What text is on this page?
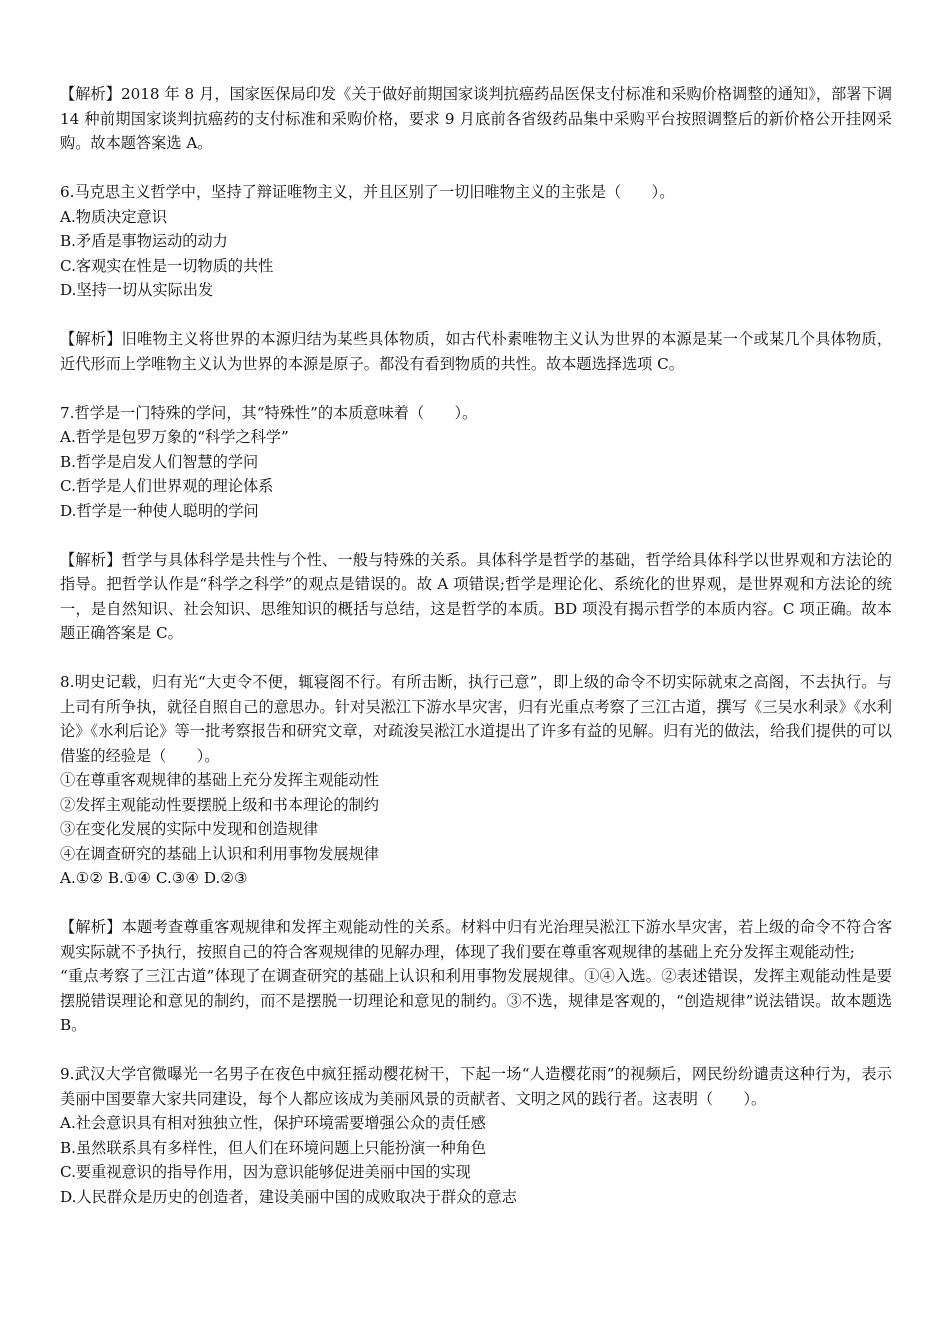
【 解析 】 2018 年 8 月，国家医保局印发《关于做好前期国家谈判抗癌药品医保支付标准和采购价格调整的通知》，部署下调 14 种前期国家谈判抗癌药的支付标准和采购价格，要求 9 月底前各省级药品集中采购平台按照调整后的新价格公开挂网采购。故本题答案选 A。

6.马克思主义哲学中，坚持了辩证唯物主义，并且区别了一切旧唯物主义的主张是（　　）。

A.物质决定意识

B.矛盾是事物运动的动力

C.客观实在性是一切物质的共性

D.坚持一切从实际出发

【 解析 】 旧唯物主义将世界的本源归结为某些具体物质，如古代朴素唯物主义认为世界的本源是某一个或某几个具体物质，近代形而上学唯物主义认为世界的本源是原子。都没有看到物质的共性。故本题选择选项 C。

7.哲学是一门特殊的学问，其“特殊性”的本质意味着（　　）。

A.哲学是包罗万象的“科学之科学”

B.哲学是启发人们智慧的学问

C.哲学是人们世界观的理论体系

D.哲学是一种使人聪明的学问

【 解析 】 哲学与具体科学是共性与个性、一般与特殊的关系。具体科学是哲学的基础，哲学给具体科学以世界观和方法论的指导。把哲学认作是“科学之科学”的观点是错误的。故 A 项错误;哲学是理论化、系统化的世界观，是世界观和方法论的统一，是自然知识、社会知识、思维知识的概括与总结，这是哲学的本质。BD 项没有揭示哲学的本质内容。C 项正确。故本题正确答案是 C。

8.明史记载，归有光“大吏令不便，辄寝阁不行。有所击断，执行己意”，即上级的命令不切实际就束之高阁，不去执行。与上司有所争执，就径自照自己的意思办。针对吴淞江下游水旱灾害，归有光重点考察了三江古道，撰写《三吴水利录》《水利论》《水利后论》等一批考察报告和研究文章，对疏浚吴淞江水道提出了许多有益的见解。归有光的做法，给我们提供的可以借鉴的经验是（　　）。

①在尊重客观规律的基础上充分发挥主观能动性

②发挥主观能动性要摆脱上级和书本理论的制约

③在变化发展的实际中发现和创造规律

④在调查研究的基础上认识和利用事物发展规律

A.①② B.①④ C.③④ D.②③

【 解析 】 本题考查尊重客观规律和发挥主观能动性的关系。材料中归有光治理吴淞江下游水旱灾害，若上级的命令不符合客观实际就不予执行，按照自己的符合客观规律的见解办理，体现了我们要在尊重客观规律的基础上充分发挥主观能动性;

“重点考察了三江古道”体现了在调查研究的基础上认识和利用事物发展规律。①④入选。②表述错误，发挥主观能动性是要摆脱错误理论和意见的制约，而不是摆脱一切理论和意见的制约。③不选，规律是客观的，“创造规律”说法错误。故本题选 B。

9.武汉大学官微曝光一名男子在夜色中疯狂摇动樱花树干，下起一场“人造樱花雨”的视频后，网民纷纷谴责这种行为，表示美丽中国要靠大家共同建设，每个人都应该成为美丽风景的贡献者、文明之风的践行者。这表明（　　）。

A.社会意识具有相对独独立性，保护环境需要增强公众的责任感

B.虽然联系具有多样性，但人们在环境问题上只能扮演一种角色

C.要重视意识的指导作用，因为意识能够促进美丽中国的实现

D.人民群众是历史的创造者，建设美丽中国的成败取决于群众的意志
